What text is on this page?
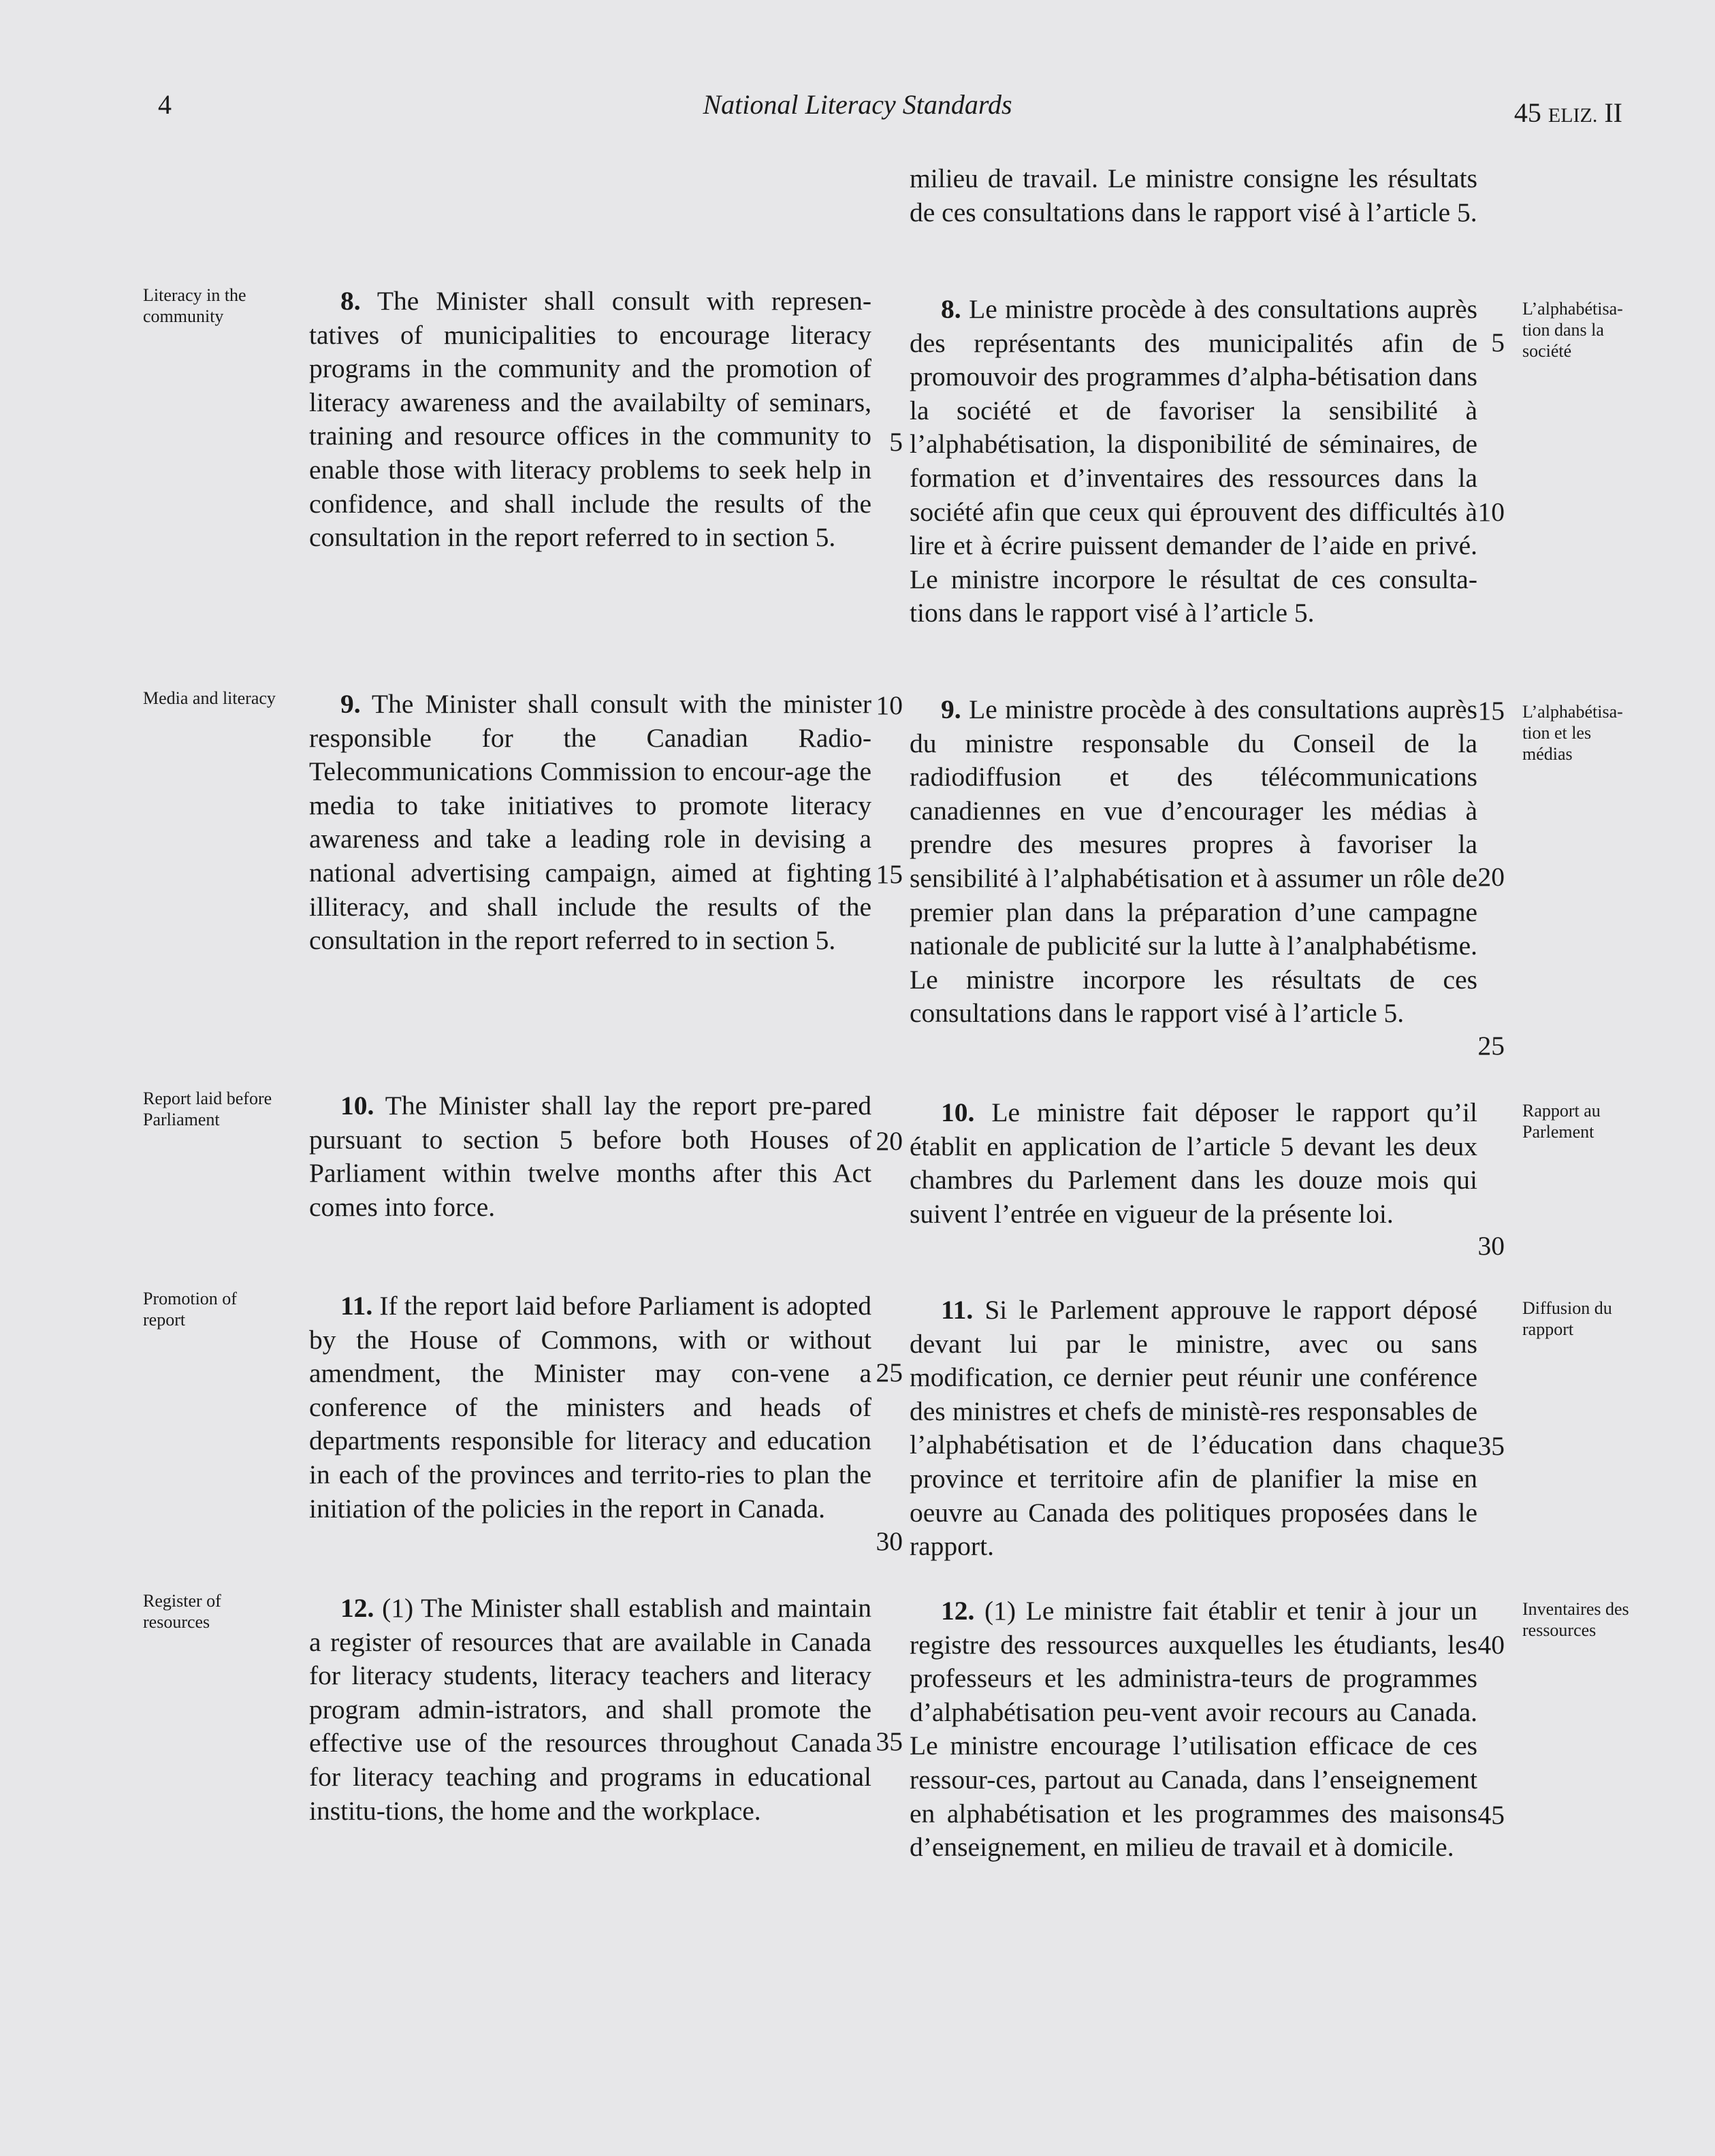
4	National Literacy Standards	45 ELIZ. II

milieu de travail. Le ministre consigne les résultats de ces consultations dans le rapport visé à l’article 5.

Literacy in the community

8. The Minister shall consult with represen-tatives of municipalities to encourage literacy programs in the community and the promotion of literacy awareness and the availabilty of seminars, training and resource offices in the community to enable those with literacy problems to seek help in confidence, and shall include the results of the consultation in the report referred to in section 5.

8. Le ministre procède à des consultations auprès des représentants des municipalités afin de promouvoir des programmes d’alpha-bétisation dans la société et de favoriser la sensibilité à l’alphabétisation, la disponibilité de séminaires, de formation et d’inventaires des ressources dans la société afin que ceux qui éprouvent des difficultés à lire et à écrire puissent demander de l’aide en privé. Le ministre incorpore le résultat de ces consulta-tions dans le rapport visé à l’article 5.

L’alphabétisa-tion dans la société
Media and literacy	9. The Minister shall consult with the minister responsible for the Canadian Radio-Telecommunications Commission to encour-age the media to take initiatives to promote literacy awareness and take a leading role in devising a national advertising campaign, aimed at fighting illiteracy, and shall include the results of the consultation in the report referred to in section 5.

9. Le ministre procède à des consultations auprès du ministre responsable du Conseil de la radiodiffusion et des télécommunications canadiennes en vue d’encourager les médias à prendre des mesures propres à favoriser la sensibilité à l’alphabétisation et à assumer un rôle de premier plan dans la préparation d’une campagne nationale de publicité sur la lutte à l’analphabétisme. Le ministre incorpore les résultats de ces consultations dans le rapport visé à l’article 5.

L’alphabétisa-tion et les médias
Report laid before Parliament	10. The Minister shall lay the report pre-pared pursuant to section 5 before both Houses of Parliament within twelve months after this Act comes into force.

10. Le ministre fait déposer le rapport qu’il établit en application de l’article 5 devant les deux chambres du Parlement dans les douze mois qui suivent l’entrée en vigueur de la présente loi.

Rapport au Parlement
Promotion of report	11. If the report laid before Parliament is adopted by the House of Commons, with or without amendment, the Minister may con-vene a conference of the ministers and heads of departments responsible for literacy and education in each of the provinces and territo-ries to plan the initiation of the policies in the report in Canada.

11. Si le Parlement approuve le rapport déposé devant lui par le ministre, avec ou sans modification, ce dernier peut réunir une conférence des ministres et chefs de ministè-res responsables de l’alphabétisation et de l’éducation dans chaque province et territoire afin de planifier la mise en oeuvre au Canada des politiques proposées dans le rapport.

Diffusion du rapport
Register of resources	12. (1) The Minister shall establish and maintain a register of resources that are available in Canada for literacy students, literacy teachers and literacy program admin-istrators, and shall promote the effective use of the resources throughout Canada for literacy teaching and programs in educational institu-tions, the home and the workplace.

12. (1) Le ministre fait établir et tenir à jour un registre des ressources auxquelles les étudiants, les professeurs et les administra-teurs de programmes d’alphabétisation peu-vent avoir recours au Canada. Le ministre encourage l’utilisation efficace de ces ressour-ces, partout au Canada, dans l’enseignement en alphabétisation et les programmes des maisons d’enseignement, en milieu de travail et à domicile.

Inventaires des ressources
5
10
15
20
25
30
35
5
10
15
20
25
30
35
40
45
